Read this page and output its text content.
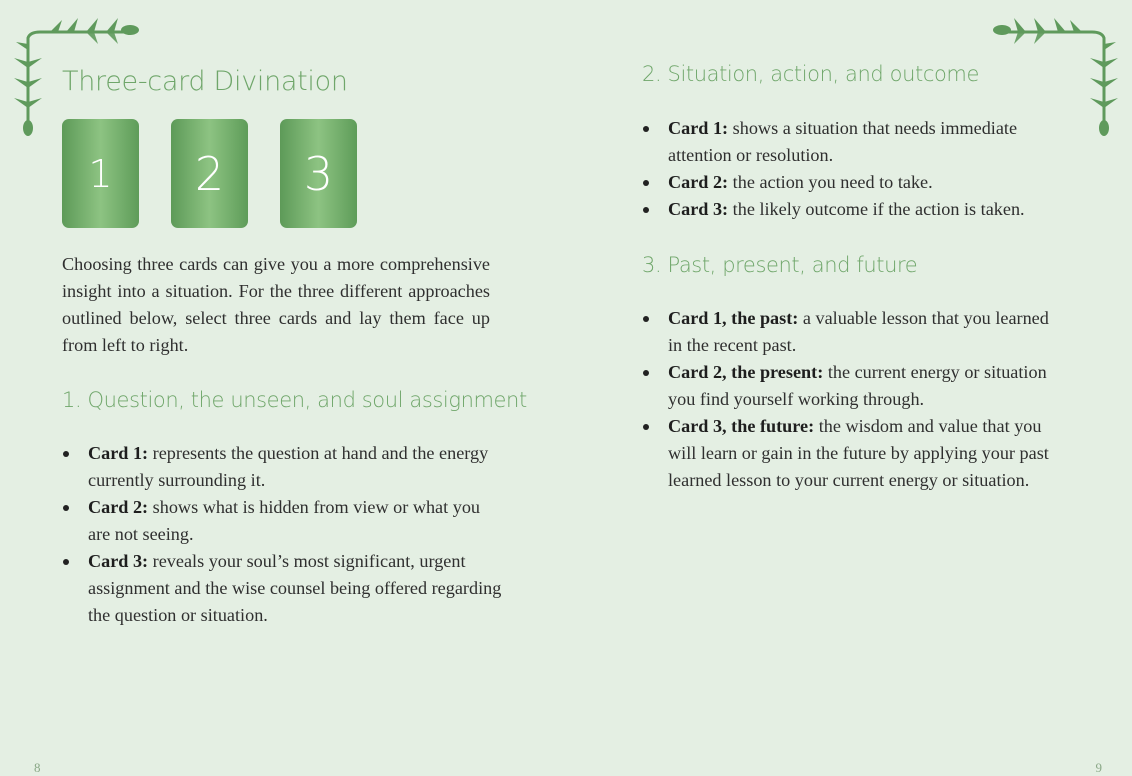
Three-card Divination
1	2	3

Choosing three cards can give you a more comprehensive insight into a situation. For the three different approaches outlined below, select three cards and lay them face up from left to right.

1. Question, the unseen, and soul assignment
Card 1: represents the question at hand and the energy currently surrounding it.
Card 2: shows what is hidden from view or what you are not seeing.
Card 3: reveals your soul’s most significant, urgent assignment and the wise counsel being offered regarding the question or situation.
8
2. Situation, action, and outcome
Card 1: shows a situation that needs immediate attention or resolution.
Card 2: the action you need to take.
Card 3: the likely outcome if the action is taken.
3. Past, present, and future
Card 1, the past: a valuable lesson that you learned in the recent past.
Card 2, the present: the current energy or situation you find yourself working through.
Card 3, the future: the wisdom and value that you will learn or gain in the future by applying your past learned lesson to your current energy or situation.
9
